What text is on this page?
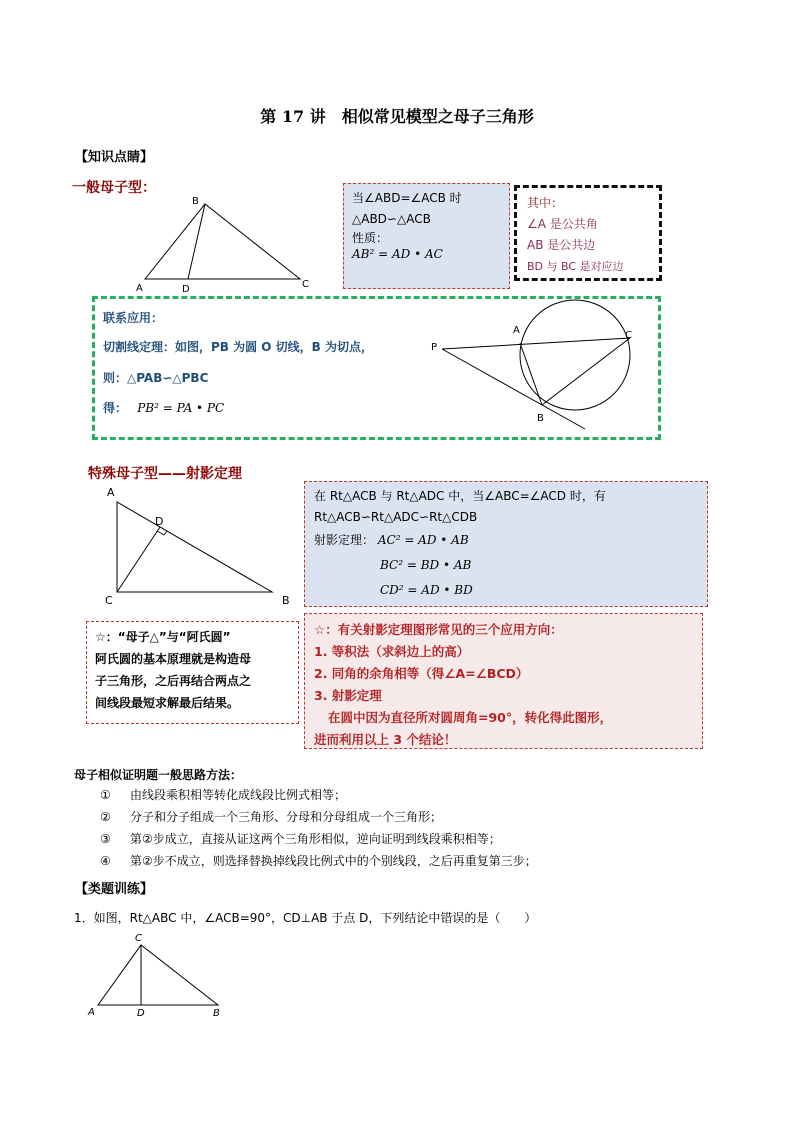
第 17 讲　相似常见模型之母子三角形
【知识点睛】
一般母子型：
B
A	D	C
当∠ABD=∠ACB 时
△ABD∽△ACB
性质：
AB² = AD • AC
其中：
∠A 是公共角
AB 是公共边
BD 与 BC 是对应边
联系应用：
切割线定理：如图，PB 为圆 O 切线，B 为切点，
则：△PAB∽△PBC
得： PB² = PA • PC
P
A
B
C
特殊母子型——射影定理
A
D
C	B
在 Rt△ACB 与 Rt△ADC 中，当∠ABC=∠ACD 时，有
Rt△ACB∽Rt△ADC∽Rt△CDB
射影定理： AC² = AD • AB
BC² = BD • AB
CD² = AD • BD
☆：“母子△”与“阿氏圆”
阿氏圆的基本原理就是构造母
子三角形，之后再结合两点之
间线段最短求解最后结果。
☆：有关射影定理图形常见的三个应用方向：
1. 等积法（求斜边上的高）
2. 同角的余角相等（得∠A=∠BCD）
3. 射影定理
在圆中因为直径所对圆周角=90°，转化得此图形，
进而利用以上 3 个结论！
母子相似证明题一般思路方法：
① 由线段乘积相等转化成线段比例式相等；
② 分子和分子组成一个三角形、分母和分母组成一个三角形；
③ 第②步成立，直接从证这两个三角形相似，逆向证明到线段乘积相等；
④ 第②步不成立，则选择替换掉线段比例式中的个别线段，之后再重复第三步；
【类题训练】
1．如图，Rt△ABC 中，∠ACB=90°，CD⊥AB 于点 D，下列结论中错误的是（　　）
C
A	D	B
